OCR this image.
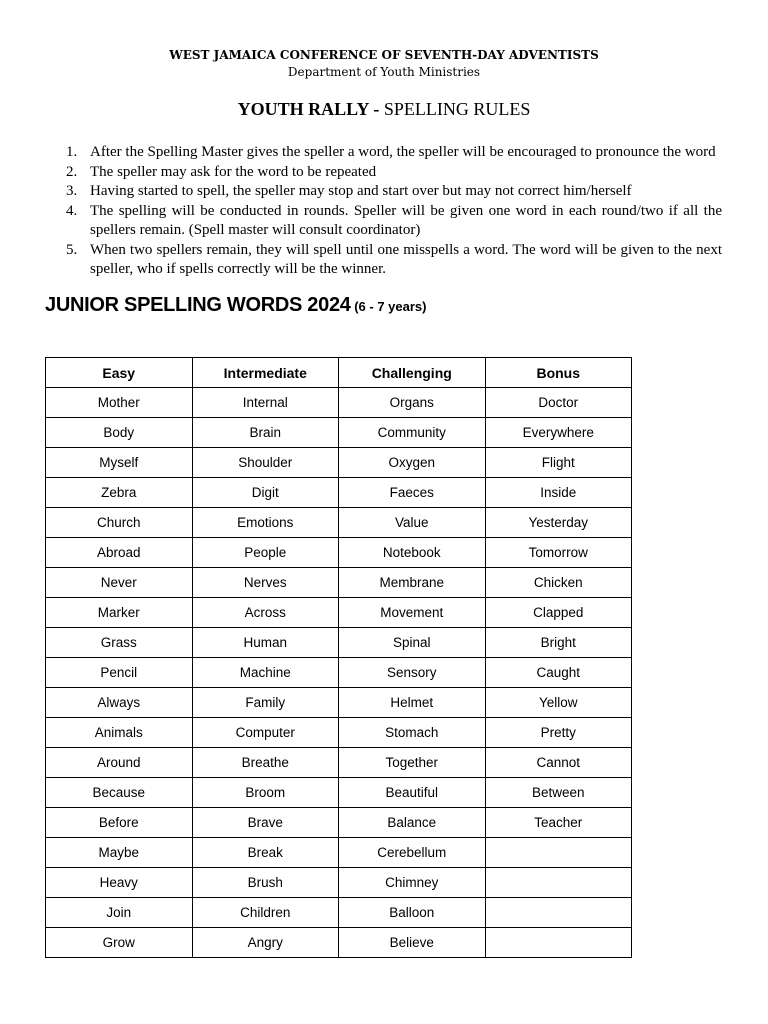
WEST JAMAICA CONFERENCE OF SEVENTH-DAY ADVENTISTS
Department of Youth Ministries
YOUTH RALLY - SPELLING RULES
1. After the Spelling Master gives the speller a word, the speller will be encouraged to pronounce the word
2. The speller may ask for the word to be repeated
3. Having started to spell, the speller may stop and start over but may not correct him/herself
4. The spelling will be conducted in rounds. Speller will be given one word in each round/two if all the spellers remain. (Spell master will consult coordinator)
5. When two spellers remain, they will spell until one misspells a word. The word will be given to the next speller, who if spells correctly will be the winner.
JUNIOR SPELLING WORDS 2024 (6 - 7 years)
Easy	Intermediate	Challenging	Bonus
Mother	Internal	Organs	Doctor
Body	Brain	Community	Everywhere
Myself	Shoulder	Oxygen	Flight
Zebra	Digit	Faeces	Inside
Church	Emotions	Value	Yesterday
Abroad	People	Notebook	Tomorrow
Never	Nerves	Membrane	Chicken
Marker	Across	Movement	Clapped
Grass	Human	Spinal	Bright
Pencil	Machine	Sensory	Caught
Always	Family	Helmet	Yellow
Animals	Computer	Stomach	Pretty
Around	Breathe	Together	Cannot
Because	Broom	Beautiful	Between
Before	Brave	Balance	Teacher
Maybe	Break	Cerebellum	
Heavy	Brush	Chimney	
Join	Children	Balloon	
Grow	Angry	Believe	
